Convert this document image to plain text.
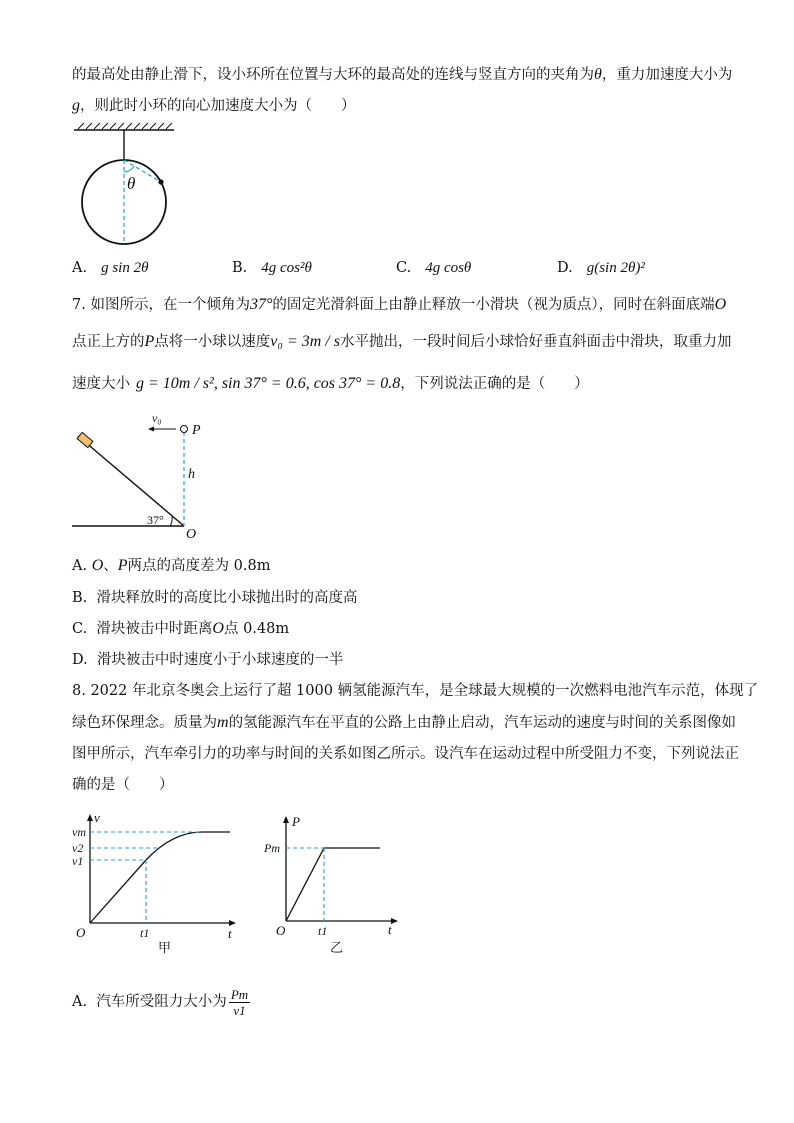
的最高处由静止滑下，设小环所在位置与大环的最高处的连线与竖直方向的夹角为θ，重力加速度大小为
g，则此时小环的向心加速度大小为（　　）
θ
A. g sin 2θ	B. 4g cos²θ	C. 4g cosθ	D. g(sin 2θ)²
7. 如图所示，在一个倾角为37°的固定光滑斜面上由静止释放一小滑块（视为质点），同时在斜面底端O
点正上方的P点将一小球以速度v₀ = 3m / s水平抛出，一段时间后小球恰好垂直斜面击中滑块，取重力加
速度大小 g = 10m / s², sin 37° = 0.6, cos 37° = 0.8，下列说法正确的是（　　）
v₀
P
h
37°
O
A. O、P两点的高度差为 0.8m
B. 滑块释放时的高度比小球抛出时的高度高
C. 滑块被击中时距离O点 0.48m
D. 滑块被击中时速度小于小球速度的一半
8. 2022 年北京冬奥会上运行了超 1000 辆氢能源汽车，是全球最大规模的一次燃料电池汽车示范，体现了
绿色环保理念。质量为m的氢能源汽车在平直的公路上由静止启动，汽车运动的速度与时间的关系图像如
图甲所示，汽车牵引力的功率与时间的关系如图乙所示。设汽车在运动过程中所受阻力不变，下列说法正
确的是（　　）
v
t
O
vm
v2
v1
t1
甲
P
t
O
Pm
t1
乙
A. 汽车所受阻力大小为 $\frac{Pm}{v1}$
